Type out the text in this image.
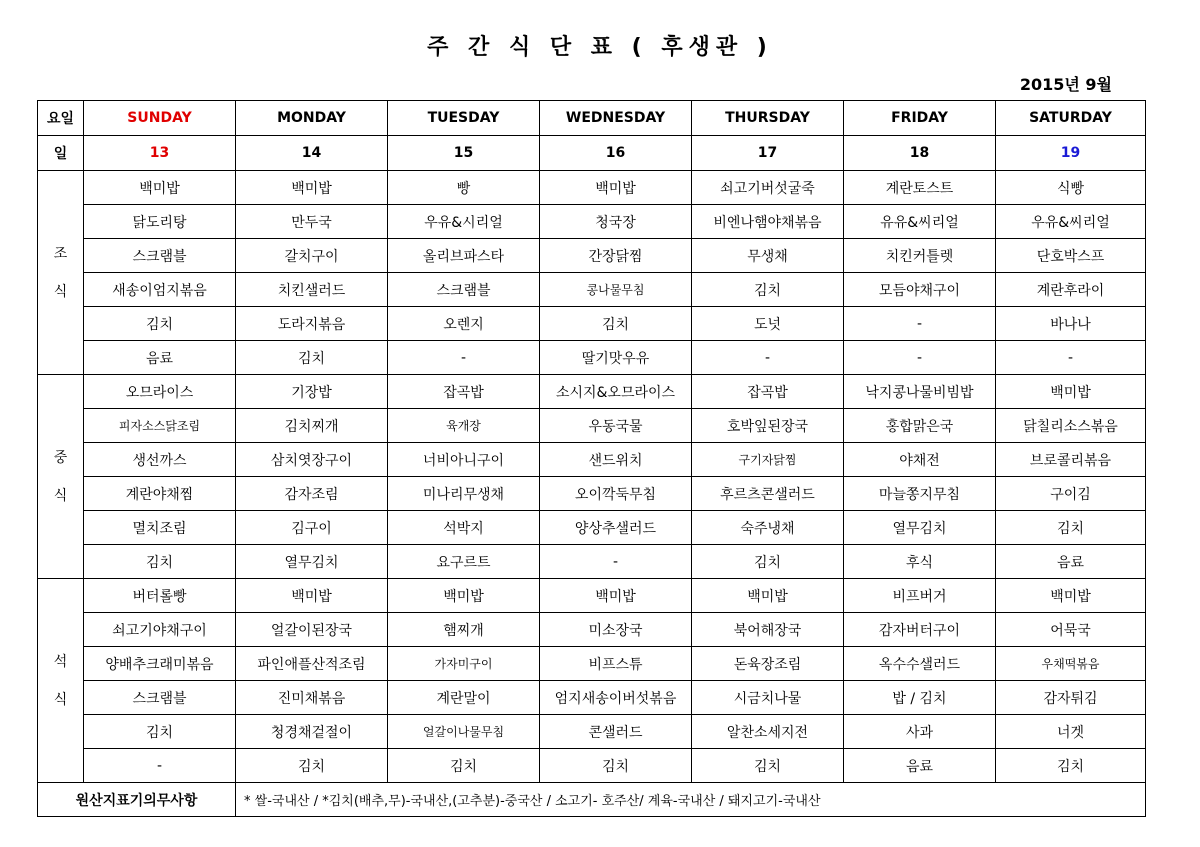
주 간 식 단 표 ( 후생관 )
2015년 9월
요일	SUNDAY	MONDAY	TUESDAY	WEDNESDAY	THURSDAY	FRIDAY	SATURDAY
일	13	14	15	16	17	18	19

조
식	백미밥	백미밥	빵	백미밥	쇠고기버섯굴죽	계란토스트	식빵
	닭도리탕	만두국	우유&시리얼	청국장	비엔나햄야채볶음	유유&씨리얼	우유&씨리얼
	스크램블	갈치구이	올리브파스타	간장닭찜	무생채	치킨커틀렛	단호박스프
	새송이엄지볶음	치킨샐러드	스크램블	콩나물무침	김치	모듬야채구이	계란후라이
	김치	도라지볶음	오렌지	김치	도넛	-	바나나
	음료	김치	-	딸기맛우유	-	-	-

중
식	오므라이스	기장밥	잡곡밥	소시지&오므라이스	잡곡밥	낙지콩나물비빔밥	백미밥
	피자소스닭조림	김치찌개	육개장	우동국물	호박잎된장국	홍합맑은국	닭칠리소스볶음
	생선까스	삼치엿장구이	너비아니구이	샌드위치	구기자닭찜	야채전	브로콜리볶음
	계란야채찜	감자조림	미나리무생채	오이깍둑무침	후르츠콘샐러드	마늘쫑지무침	구이김
	멸치조림	김구이	석박지	양상추샐러드	숙주냉채	열무김치	김치
	김치	열무김치	요구르트	-	김치	후식	음료

석
식	버터롤빵	백미밥	백미밥	백미밥	백미밥	비프버거	백미밥
	쇠고기야채구이	얼갈이된장국	햄찌개	미소장국	북어해장국	감자버터구이	어묵국
	양배추크래미볶음	파인애플산적조림	가자미구이	비프스튜	돈육장조림	옥수수샐러드	우채떡볶음
	스크램블	진미채볶음	계란말이	엄지새송이버섯볶음	시금치나물	밥 / 김치	감자튀김
	김치	청경채겉절이	얼갈이나물무침	콘샐러드	알찬소세지전	사과	너겟
	-	김치	김치	김치	김치	음료	김치
원산지표기의무사항		* 쌀-국내산 / *김치(배추,무)-국내산,(고추분)-중국산 / 소고기- 호주산/ 계육-국내산 / 돼지고기-국내산					
